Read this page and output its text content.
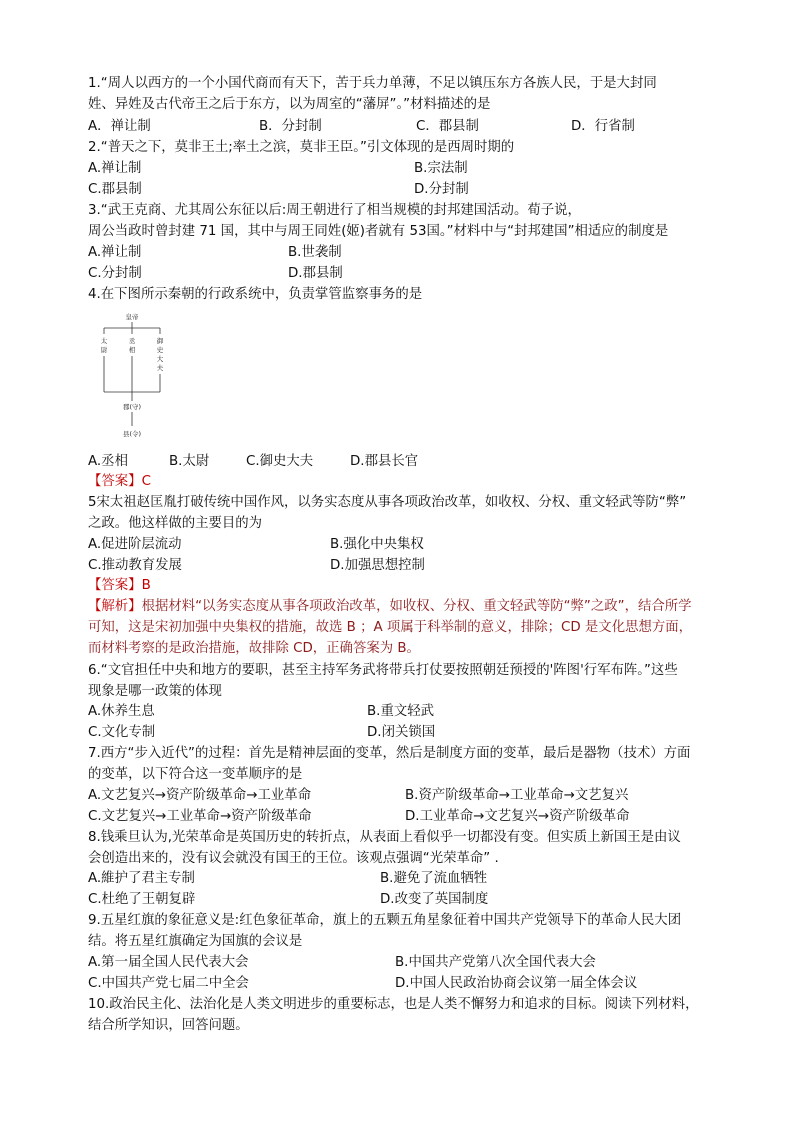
1.“周人以西方的一个小国代商而有天下，苦于兵力单薄，不足以镇压东方各族人民，于是大封同
姓、异姓及古代帝王之后于东方，以为周室的“藩屏”。”材料描述的是
A．禅让制	B．分封制	C．郡县制	D．行省制
2.“普天之下，莫非王土;率土之滨，莫非王臣。”引文体现的是西周时期的
A.禅让制	B.宗法制
C.郡县制	D.分封制
3.“武王克商、尤其周公东征以后:周王朝进行了相当规模的封邦建国活动。荀子说，
周公当政时曾封建 71 国，其中与周王同姓(姬)者就有 53国。”材料中与“封邦建国”相适应的制度是
A.禅让制	B.世袭制
C.分封制	D.郡县制
4.在下图所示秦朝的行政系统中，负责掌管监察事务的是
皇帝
太
尉
丞
相
御
史
大
夫
郡(守)
县(令)
A.丞相	B.太尉	C.御史大夫	D.郡县长官
【答案】C
5宋太祖赵匡胤打破传统中国作风，以务实态度从事各项政治改革，如收权、分权、重文轻武等防“弊”
之政。他这样做的主要目的为
A.促进阶层流动	B.强化中央集权
C.推动教育发展	D.加强思想控制
【答案】B
【解析】根据材料“以务实态度从事各项政治改革，如收权、分权、重文轻武等防“弊”之政”，结合所学
可知，这是宋初加强中央集权的措施，故选 B ；A 项属于科举制的意义，排除；CD 是文化思想方面，
而材料考察的是政治措施，故排除 CD，正确答案为 B。
6.“文官担任中央和地方的要职，甚至主持军务武将带兵打仗要按照朝廷预授的'阵图'行军布阵。”这些
现象是哪一政策的体现
A.休养生息	B.重文轻武
C.文化专制	D.闭关锁国
7.西方“步入近代”的过程：首先是精神层面的变革，然后是制度方面的变革，最后是器物（技术）方面
的变革，以下符合这一变革顺序的是
A.文艺复兴→资产阶级革命→工业革命	B.资产阶级革命→工业革命→文艺复兴
C.文艺复兴→工业革命→资产阶级革命	D.工业革命→文艺复兴→资产阶级革命
8.钱乘旦认为,光荣革命是英国历史的转折点，从表面上看似乎一切都没有变。但实质上新国王是由议
会创造出来的，没有议会就没有国王的王位。该观点强调“光荣革命” .
A.維护了君主专制	B.避免了流血牺牲
C.杜绝了王朝复辟	D.改变了英国制度
9.五星红旗的象征意义是:红色象征革命，旗上的五颗五角星象征着中国共产党领导下的革命人民大团
结。将五星红旗确定为国旗的会议是
A.第一届全国人民代表大会	B.中国共产党第八次全国代表大会
C.中国共产党七届二中全会	D.中国人民政治协商会议第一届全体会议
10.政治民主化、法治化是人类文明进步的重要标志，也是人类不懈努力和追求的目标。阅读下列材料，
结合所学知识，回答问题。
